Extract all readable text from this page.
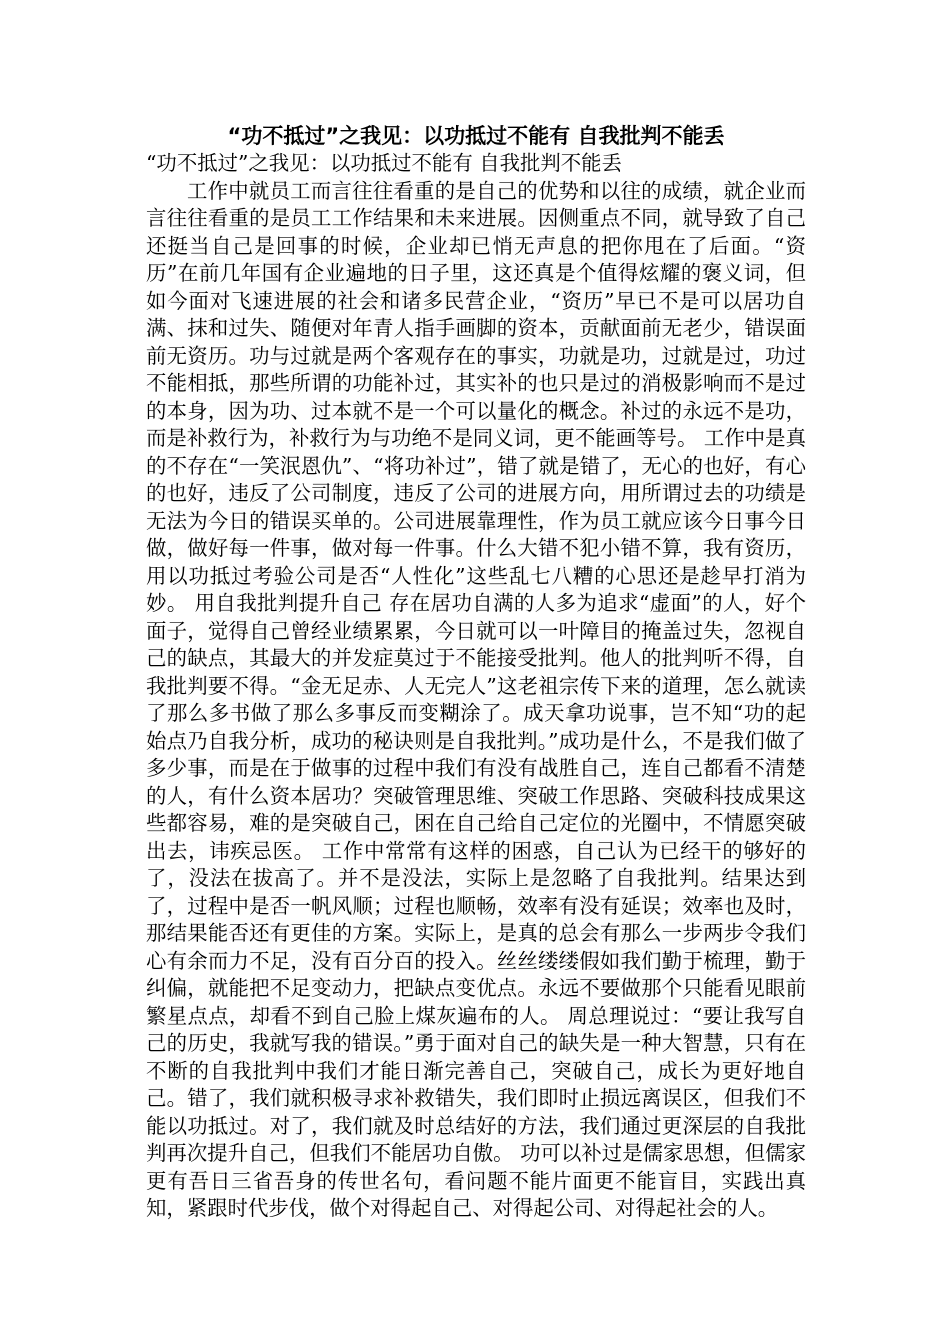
“功不抵过”之我见：以功抵过不能有 自我批判不能丢

“功不抵过”之我见：以功抵过不能有 自我批判不能丢

工作中就员工而言往往看重的是自己的优势和以往的成绩，就企业而言往往看重的是员工工作结果和未来进展。因侧重点不同，就导致了自己还挺当自己是回事的时候，企业却已悄无声息的把你甩在了后面。“资历”在前几年国有企业遍地的日子里，这还真是个值得炫耀的褒义词，但如今面对飞速进展的社会和诸多民营企业，“资历”早已不是可以居功自满、抹和过失、随便对年青人指手画脚的资本，贡献面前无老少，错误面前无资历。功与过就是两个客观存在的事实，功就是功，过就是过，功过不能相抵，那些所谓的功能补过，其实补的也只是过的消极影响而不是过的本身，因为功、过本就不是一个可以量化的概念。补过的永远不是功，而是补救行为，补救行为与功绝不是同义词，更不能画等号。 工作中是真的不存在“一笑泯恩仇”、“将功补过”，错了就是错了，无心的也好，有心的也好，违反了公司制度，违反了公司的进展方向，用所谓过去的功绩是无法为今日的错误买单的。公司进展靠理性，作为员工就应该今日事今日做，做好每一件事，做对每一件事。什么大错不犯小错不算，我有资历，用以功抵过考验公司是否“人性化”这些乱七八糟的心思还是趁早打消为妙。 用自我批判提升自己 存在居功自满的人多为追求“虚面”的人，好个面子，觉得自己曾经业绩累累，今日就可以一叶障目的掩盖过失，忽视自己的缺点，其最大的并发症莫过于不能接受批判。他人的批判听不得，自我批判要不得。“金无足赤、人无完人”这老祖宗传下来的道理，怎么就读了那么多书做了那么多事反而变糊涂了。成天拿功说事，岂不知“功的起始点乃自我分析，成功的秘诀则是自我批判。”成功是什么，不是我们做了多少事，而是在于做事的过程中我们有没有战胜自己，连自己都看不清楚的人，有什么资本居功？突破管理思维、突破工作思路、突破科技成果这些都容易，难的是突破自己，困在自己给自己定位的光圈中，不情愿突破出去，讳疾忌医。 工作中常常有这样的困惑，自己认为已经干的够好的了，没法在拔高了。并不是没法，实际上是忽略了自我批判。结果达到了，过程中是否一帆风顺；过程也顺畅，效率有没有延误；效率也及时，那结果能否还有更佳的方案。实际上，是真的总会有那么一步两步令我们心有余而力不足，没有百分百的投入。丝丝缕缕假如我们勤于梳理，勤于纠偏，就能把不足变动力，把缺点变优点。永远不要做那个只能看见眼前繁星点点，却看不到自己脸上煤灰遍布的人。 周总理说过：“要让我写自己的历史，我就写我的错误。”勇于面对自己的缺失是一种大智慧，只有在不断的自我批判中我们才能日渐完善自己，突破自己，成长为更好地自己。错了，我们就积极寻求补救错失，我们即时止损远离误区，但我们不能以功抵过。对了，我们就及时总结好的方法，我们通过更深层的自我批判再次提升自己，但我们不能居功自傲。 功可以补过是儒家思想，但儒家更有吾日三省吾身的传世名句，看问题不能片面更不能盲目，实践出真知，紧跟时代步伐，做个对得起自己、对得起公司、对得起社会的人。
